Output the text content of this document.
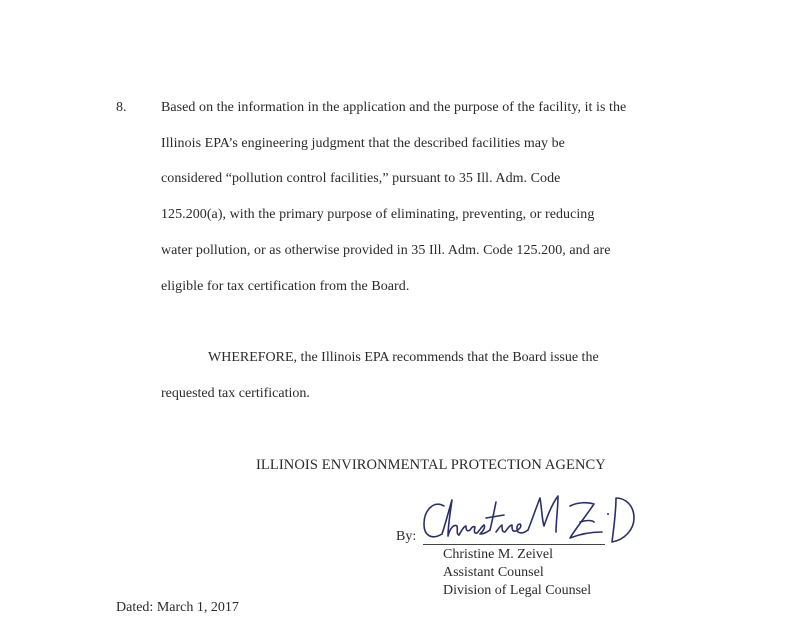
8. Based on the information in the application and the purpose of the facility, it is the
Illinois EPA’s engineering judgment that the described facilities may be
considered “pollution control facilities,” pursuant to 35 Ill. Adm. Code
125.200(a), with the primary purpose of eliminating, preventing, or reducing
water pollution, or as otherwise provided in 35 Ill. Adm. Code 125.200, and are
eligible for tax certification from the Board.
WHEREFORE, the Illinois EPA recommends that the Board issue the
requested tax certification.
ILLINOIS ENVIRONMENTAL PROTECTION AGENCY
By:
Christine M. Zeivel
Assistant Counsel
Division of Legal Counsel
Dated: March 1, 2017
